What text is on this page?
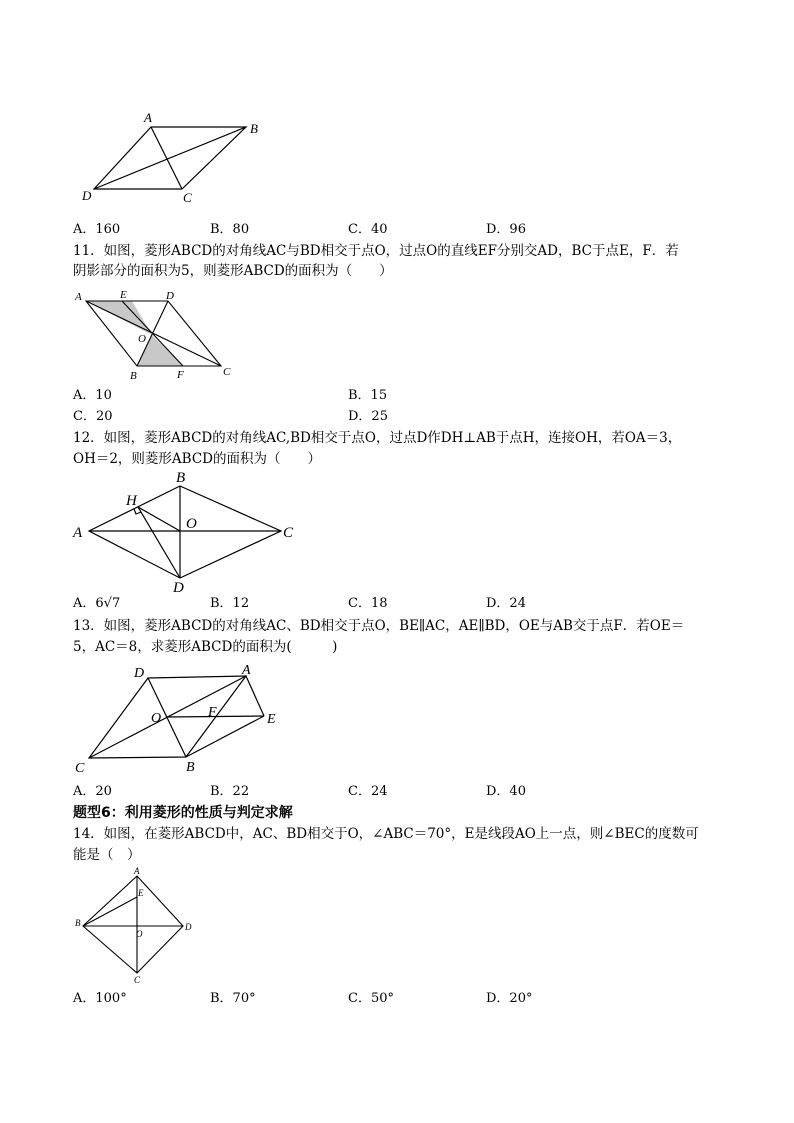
A
B
C
D
A．160	B．80	C．40	D．96
11．如图，菱形ABCD的对角线AC与BD相交于点O，过点O的直线EF分别交AD，BC于点E，F．若
阴影部分的面积为5，则菱形ABCD的面积为（　　）
A	E	D
O
B	F	C
A．10	B．15
C．20	D．25
12．如图，菱形ABCD的对角线AC,BD相交于点O，过点D作DH⊥AB于点H，连接OH，若OA＝3，
OH＝2，则菱形ABCD的面积为（　　）
H
B
O
A	C
D
A．6√7	B．12	C．18	D．24
13．如图，菱形ABCD的对角线AC、BD相交于点O，BE∥AC，AE∥BD，OE与AB交于点F．若OE＝
5，AC＝8，求菱形ABCD的面积为(　　　)
D	A
O	F	E
C	B
A．20	B．22	C．24	D．40
题型6：利用菱形的性质与判定求解
14．如图，在菱形ABCD中，AC、BD相交于O，∠ABC＝70°，E是线段AO上一点，则∠BEC的度数可
能是（　）
A
E
B	D
O
C
A．100°	B．70°	C．50°	D．20°
